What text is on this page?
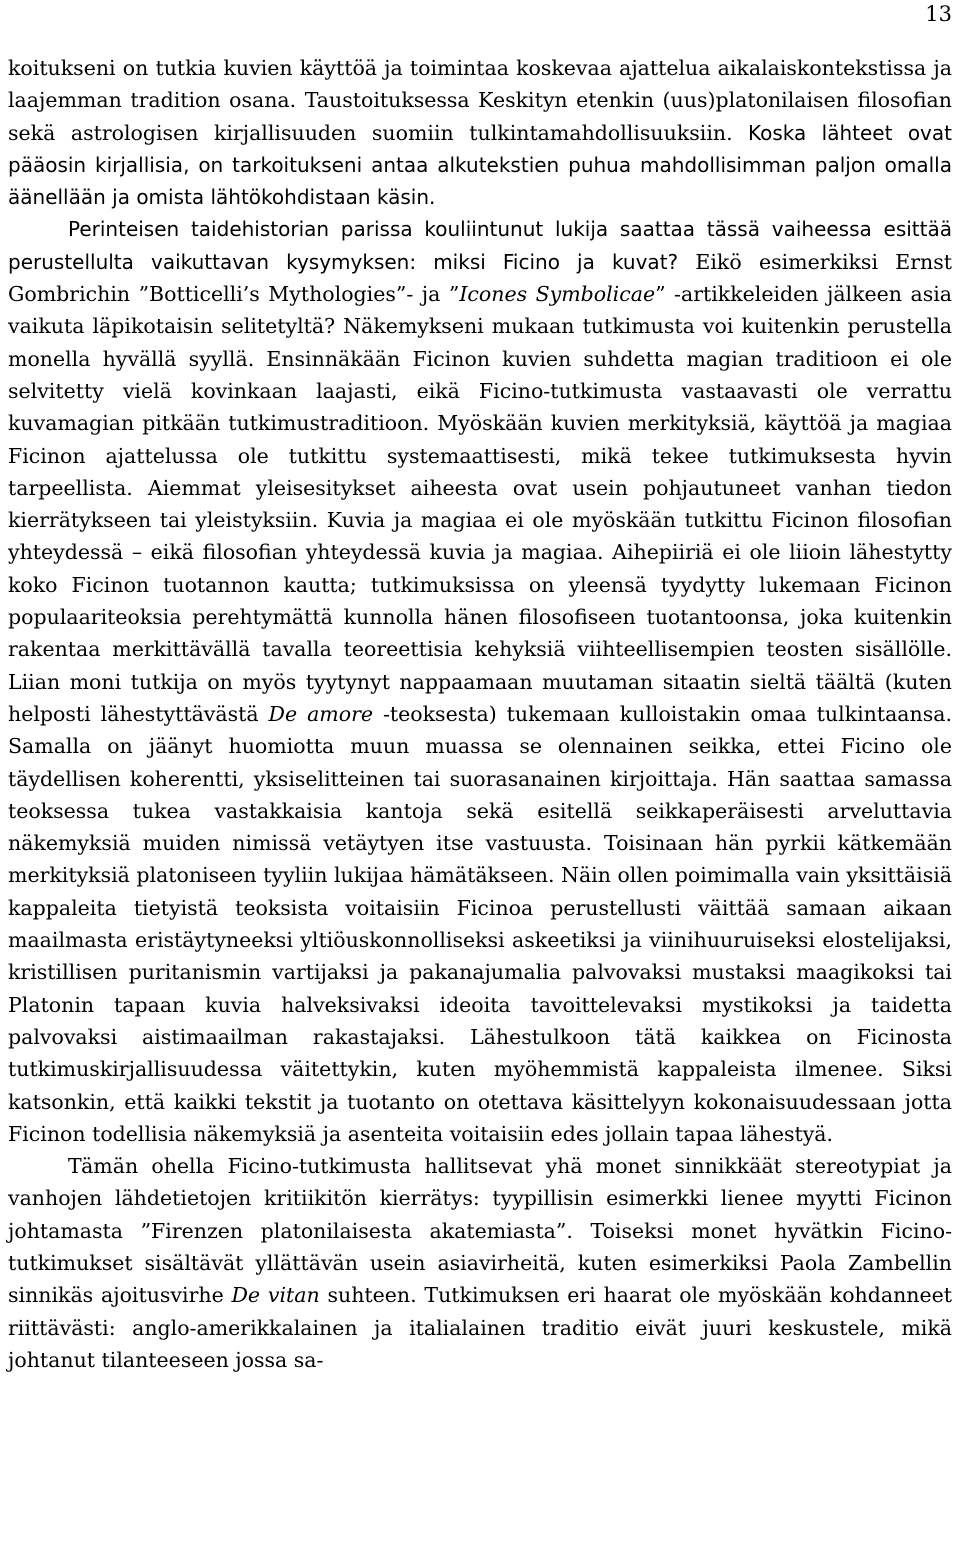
13

koitukseni on tutkia kuvien käyttöä ja toimintaa koskevaa ajattelua aikalaiskontekstissa ja laajemman tradition osana. Taustoituksessa Keskityn etenkin (uus)platonilaisen filosofian sekä astrologisen kirjallisuuden suomiin tulkintamahdollisuuksiin. Koska lähteet ovat pääosin kirjallisia, on tarkoitukseni antaa alkutekstien puhua mahdollisimman paljon omalla äänellään ja omista lähtökohdistaan käsin.

Perinteisen taidehistorian parissa kouliintunut lukija saattaa tässä vaiheessa esittää perustellulta vaikuttavan kysymyksen: miksi Ficino ja kuvat? Eikö esimerkiksi Ernst Gombrichin ”Botticelli’s Mythologies”- ja ”Icones Symbolicae” -artikkeleiden jälkeen asia vaikuta läpikotaisin selitetyltä? Näkemykseni mukaan tutkimusta voi kuitenkin perustella monella hyvällä syyllä. Ensinnäkään Ficinon kuvien suhdetta magian traditioon ei ole selvitetty vielä kovinkaan laajasti, eikä Ficino-tutkimusta vastaavasti ole verrattu kuvamagian pitkään tutkimustraditioon. Myöskään kuvien merkityksiä, käyttöä ja magiaa Ficinon ajattelussa ole tutkittu systemaattisesti, mikä tekee tutkimuksesta hyvin tarpeellista. Aiemmat yleisesitykset aiheesta ovat usein pohjautuneet vanhan tiedon kierrätykseen tai yleistyksiin. Kuvia ja magiaa ei ole myöskään tutkittu Ficinon filosofian yhteydessä – eikä filosofian yhteydessä kuvia ja magiaa. Aihepiiriä ei ole liioin lähestytty koko Ficinon tuotannon kautta; tutkimuksissa on yleensä tyydytty lukemaan Ficinon populaariteoksia perehtymättä kunnolla hänen filosofiseen tuotantoonsa, joka kuitenkin rakentaa merkittävällä tavalla teoreettisia kehyksiä viihteellisempien teosten sisällölle. Liian moni tutkija on myös tyytynyt nappaamaan muutaman sitaatin sieltä täältä (kuten helposti lähestyttävästä De amore -teoksesta) tukemaan kulloistakin omaa tulkintaansa. Samalla on jäänyt huomiotta muun muassa se olennainen seikka, ettei Ficino ole täydellisen koherentti, yksiselitteinen tai suorasanainen kirjoittaja. Hän saattaa samassa teoksessa tukea vastakkaisia kantoja sekä esitellä seikkaperäisesti arveluttavia näkemyksiä muiden nimissä vetäytyen itse vastuusta. Toisinaan hän pyrkii kätkemään merkityksiä platoniseen tyyliin lukijaa hämätäkseen. Näin ollen poimimalla vain yksittäisiä kappaleita tietyistä teoksista voitaisiin Ficinoa perustellusti väittää samaan aikaan maailmasta eristäytyneeksi yltiöuskonnolliseksi askeetiksi ja viinihuuruiseksi elostelijaksi, kristillisen puritanismin vartijaksi ja pakanajumalia palvovaksi mustaksi maagikoksi tai Platonin tapaan kuvia halveksivaksi ideoita tavoittelevaksi mystikoksi ja taidetta palvovaksi aistimaailman rakastajaksi. Lähestulkoon tätä kaikkea on Ficinosta tutkimuskirjallisuudessa väitettykin, kuten myöhemmistä kappaleista ilmenee. Siksi katsonkin, että kaikki tekstit ja tuotanto on otettava käsittelyyn kokonaisuudessaan jotta Ficinon todellisia näkemyksiä ja asenteita voitaisiin edes jollain tapaa lähestyä.

Tämän ohella Ficino-tutkimusta hallitsevat yhä monet sinnikkäät stereotypiat ja vanhojen lähdetietojen kritiikitön kierrätys: tyypillisin esimerkki lienee myytti Ficinon johtamasta ”Firenzen platonilaisesta akatemiasta”. Toiseksi monet hyvätkin Ficino-tutkimukset sisältävät yllättävän usein asiavirheitä, kuten esimerkiksi Paola Zambellin sinnikäs ajoitusvirhe De vitan suhteen. Tutkimuksen eri haarat ole myöskään kohdanneet riittävästi: anglo-amerikkalainen ja italialainen traditio eivät juuri keskustele, mikä johtanut tilanteeseen jossa sa-
